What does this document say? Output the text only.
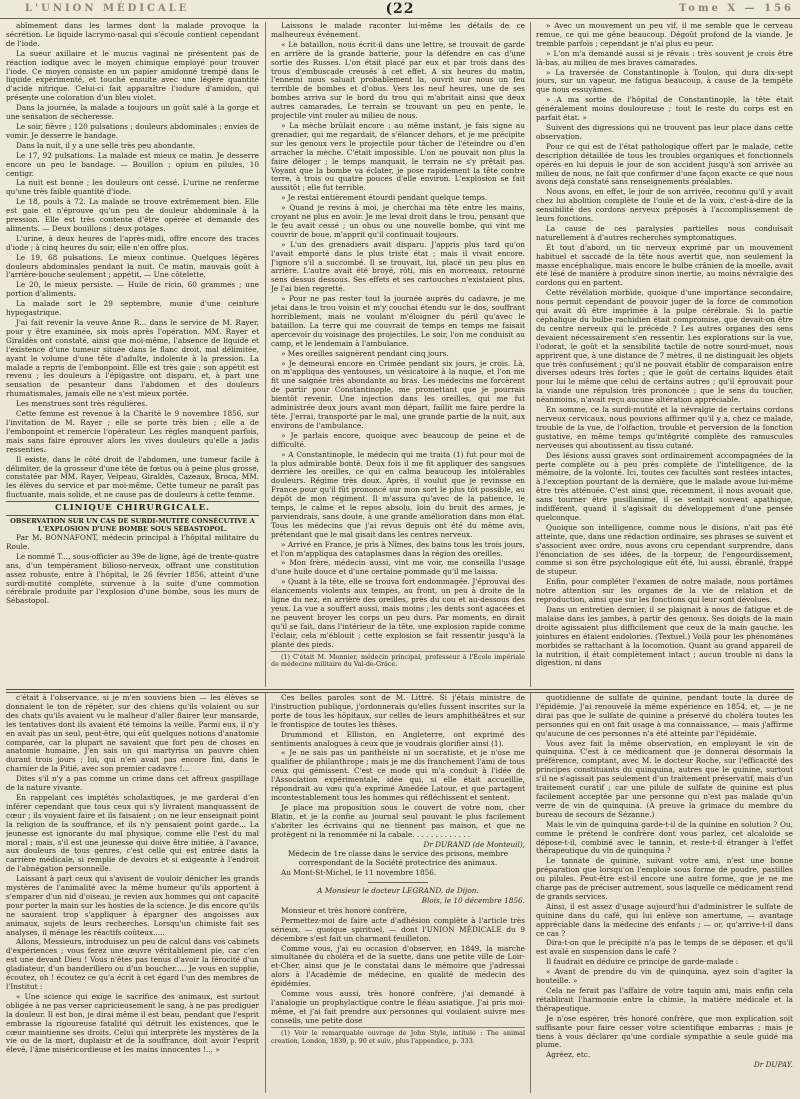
L'UNION MÉDICALE	(22	Tome X — 156

abîmement dans les larmes dont la malade provoque la sécrétion. Le liquide lacrymo-nasal qui s'écoule contient cependant de l'iode.

La sueur axillaire et le mucus vaginal ne présentent pas de réaction iodique avec le moyen chimique employé pour trouver l'iode. Ce moyen consiste en un papier amidonné trempé dans le liquide expérimenté, et touché ensuite avec une légère quantité d'acide nitrique. Celui-ci fait apparaître l'iodure d'amidon, qui présente une coloration d'un bleu violet.

Dans la journée, la malade a toujours un goût salé à la gorge et une sensation de sécheresse.

Le soir, fièvre ; 120 pulsations ; douleurs abdominales ; envies de vomir. Je desserre le bandage.

Dans la nuit, il y a une selle très peu abondante.

Le 17, 92 pulsations. La malade est mieux ce matin. Je desserre encore un peu le bandage. — Bouillon ; opium en pilules, 10 centigr.

La nuit est bonne ; les douleurs ont cessé. L'urine ne renferme qu'une très faible quantité d'iode.

Le 18, pouls à 72. La malade se trouve extrêmement bien. Elle est gaie et n'éprouve qu'un peu de douleur abdominale à la pression. Elle est très contente d'être opérée et demande des aliments. — Deux bouillons ; deux potages.

L'urine, à deux heures de l'après-midi, offre encore des traces d'iode ; à cinq heures du soir, elle n'en offre plus.

Le 19, 68 pulsations. Le mieux continue. Quelques légères douleurs abdominales pendant la nuit. Ce matin, mauvais goût à l'arrière-bouche seulement ; appétit. — Une côtelette.

Le 20, le mieux persiste. — Huile de ricin, 60 grammes ; une portion d'aliments.

La malade sort le 29 septembre, munie d'une ceinture hypogastrique.

J'ai fait revenir la veuve Anne R... dans le service de M. Rayer, pour y être examinée, six mois après l'opération. MM. Rayer et Giraldès ont constaté, ainsi que moi-même, l'absence de liquide et l'existence d'une tumeur située dans le flanc droit, mal délimitée, ayant le volume d'une tête d'adulte, indolente à la pression. La malade a repris de l'embonpoint. Elle est très gaie ; son appétit est revenu ; les douleurs à l'épigastre ont disparu, et, à part une sensation de pesanteur dans l'abdomen et des douleurs rhumatismales, jamais elle ne s'est mieux portée.

Les menstrues sont très régulières.

Cette femme est revenue à la Charité le 9 novembre 1856, sur l'invitation de M. Rayer ; elle se porte très bien ; elle a de l'embonpoint et remercie l'opérateur. Les règles manquent parfois, mais sans faire éprouver alors les vives douleurs qu'elle a jadis ressenties.

Il existe, dans le côté droit de l'abdomen, une tumeur facile à délimiter, de la grosseur d'une tête de fœtus ou à peine plus grosse, constatée par MM. Rayer, Velpeau, Giraldès, Cazeaux, Broca, MM. les élèves du service et par moi-même. Cette tumeur ne paraît pas fluctuante, mais solide, et ne cause pas de douleurs à cette femme.

CLINIQUE CHIRURGICALE.

OBSERVATION SUR UN CAS DE SURDI-MUTITÉ CONSÉCUTIVE A L'EXPLOSION D'UNE BOMBE SOUS SÉBASTOPOL.

Par M. BONNAFONT, médecin principal à l'hôpital militaire du Roule.

Le nommé T..., sous-officier au 39e de ligne, âgé de trente-quatre ans, d'un tempérament bilioso-nerveux, offrant une constitution assez robuste, entre à l'hôpital, le 26 février 1856, atteint d'une surdi-mutité complète, survenue à la suite d'une commotion cérébrale produite par l'explosion d'une bombe, sous les murs de Sébastopol.

Laissons le malade raconter lui-même les détails de ce malheureux événement.

« Le bataillon, nous écrit-il dans une lettre, se trouvait de garde en arrière de la grande batterie, pour la défendre en cas d'une sortie des Russes. L'on était placé par eux et par trois dans des trous d'embuscade creusés à cet effet. A six heures du matin, l'ennemi nous saluait probablement la, ouvrit sur nous un feu terrible de bombes et d'obus. Vers les neuf heures, une de ses bombes arriva sur le bord du trou qui m'abritait ainsi que deux autres camarades. Le terrain se trouvant un peu en pente, le projectile vint rouler au milieu de nous.

» La mèche brûlait encore : au même instant, je fais signe au grenadier, qui me regardait, de s'élancer dehors, et je me précipite sur les genoux vers le projectile pour tâcher de l'éteindre ou d'en arracher la mèche. C'était impossible. L'on ne pouvait non plus la faire déloger ; le temps manquait, le terrain ne s'y prêtait pas. Voyant que la bombe va éclater, je pose rapidement la tête contre terre, à trois ou quatre pouces d'elle environ. L'explosion se fait aussitôt ; elle fut terrible.

» Je restai entièrement étourdi pendant quelque temps.

» Quand je revins à moi, je cherchai ma tête entre les mains, croyant ne plus en avoir. Je me levai droit dans le trou, pensant que le feu avait cessé ; un obus ou une nouvelle bombe, qui vint me couvrir de boue, m'apprit qu'il continuait toujours.

» L'un des grenadiers avait disparu. J'appris plus tard qu'on l'avait emporté dans le plus triste état ; mais il vivait encore. J'ignore s'il a succombé. Il se trouvait, lui, placé un peu plus en arrière. L'autre avait été broyé, rôti, mis en morceaux, retourné sens dessus dessous. Ses effets et ses cartouches n'existaient plus. Je l'ai bien regretté.

» Pour ne pas rester tout la journée auprès du cadavre, je me jetai dans le trou voisin et m'y couchai étendu sur le dos, souffrant horriblement, mais ne voulant m'éloigner du péril qu'avec le bataillon. La terre qui me couvrait de temps en temps me faisait apercevoir du voisinage des projectiles. Le soir, l'on me conduisit au camp, et le lendemain à l'ambulance.

» Mes oreilles saignèrent pendant cinq jours.

» Je demeurai encore en Crimée pendant six jours, je crois. Là, on m'appliqua des ventouses, un vésicatoire à la nuque, et l'on me fit une saignée très abondante au bras. Les médecins me forcèrent de partir pour Constantinople, me promettant que je pourrais bientôt revenir. Une injection dans les oreilles, qui me fut administrée deux jours avant mon départ, faillit me faire perdre la tête. J'errai, transporté par le mal, une grande partie de la nuit, aux environs de l'ambulance.

» Je parlais encore, quoique avec beaucoup de peine et de difficulté.

» A Constantinople, le médecin qui me traita (1) fut pour moi de la plus admirable bonté. Deux fois il me fit appliquer des sangsues derrière les oreilles, ce qui en calma beaucoup les intolérables douleurs. Régime très doux. Après, il voulut que je revinsse en France pour qu'il fût prononcé sur mon sort le plus tôt possible, au dépôt de mon régiment. Il m'assura qu'avec de la patience, le temps, le calme et le repos absolu, loin du bruit des armes, je parviendrais, sans doute, à une grande amélioration dans mon état. Tous les médecins que j'ai revus depuis ont été du même avis, prétendant que le mal gisait dans les centres nerveux.

» Arrivé en France, je pris à Nîmes, des bains tous les trois jours, et l'on m'appliqua des cataplasmes dans la région des oreilles.

» Mon frère, médecin aussi, vint me voir, me conseilla l'usage d'une huile douce et d'une certaine pommade qu'il me laissa.

» Quant à la tête, elle se trouva fort endommagée. J'éprouvai des élancements violents aux tempes, au front, un peu à droite de la ligne du nez, en arrière des oreilles, près du cou et au-dessous des yeux. La vue a souffert aussi, mais moins ; les dents sont agacées et ne peuvent broyer les corps un peu durs. Par moments, en dirait qu'il se fait, dans l'intérieur de la tête, une explosion rapide comme l'éclair, cela m'éblouit ; cette explosion se fait ressentir jusqu'à la plante des pieds.

(1) C'était M. Monnier, médecin principal, professeur à l'École impériale de médecine militaire du Val-de-Grâce.

» Avec un mouvement un peu vif, il me semble que le cerveau remue, ce qui me gêne beaucoup. Dégoût profond de la viande. Je tremble parfois ; cependant je n'ai plus eu peur.

» L'on m'a demandé aussi si je rêvais : très souvent je crois être là-bas, au milieu de mes braves camarades.

» La traversée de Constantinople à Toulon, qui dura dix-sept jours, sur un vapeur, me fatigua beaucoup, à cause de la tempête que nous essuyâmes.

» A ma sortie de l'hôpital de Constantinople, la tête était généralement moins douloureuse ; tout le reste du corps est en parfait état. »

Suivent des digressions qui ne trouvent pas leur place dans cette observation.

Pour ce qui est de l'état pathologique offert par le malade, cette description détaillée de tous les troubles organiques et fonctionnels opérés en lui depuis le jour de son accident jusqu'à son arrivée au milieu de nous, ne fait que confirmer d'une façon exacte ce que nous avons déjà constaté sans renseignements préalables.

Nous avons, en effet, le jour de son arrivée, reconnu qu'il y avait chez lui abolition complète de l'ouïe et de la voix, c'est-à-dire de la sensibilité des cordons nerveux préposés à l'accomplissement de leurs fonctions.

La cause de ces paralysies partielles nous conduisait naturellement à d'autres recherches symptomatiques.

Et tout d'abord, un tic nerveux exprimé par un mouvement habituel et saccadé de la tête nous avertit que, non seulement la masse encéphalique, mais encore le bulbe crânien de la moelle, avait été lésé de manière à produire sinon inertie, au moins névralgie des cordons qui en partent.

Cette révélation morbide, quoique d'une importance secondaire, nous permit cependant de pouvoir juger de la force de commotion qui avait dû être imprimée à la pulpe cérébrale. Si la partie céphalique du bulbe rachidien était compromise, que devait-on être du centre nerveux qui le précède ? Les autres organes des sens devaient nécessairement s'en ressentir. Les explorations sur la vue, l'odorat, le goût et la sensibilité tactile de notre sourd-muet, nous apprirent que, à une distance de 7 mètres, il ne distinguait les objets que très confusément ; qu'il ne pouvait établir de comparaison entre diverses odeurs très fortes ; que le goût de certains liquides était pour lui le même que celui de certains autres ; qu'il éprouvait pour la viande une répulsion très prononcée ; que le sens du toucher, néanmoins, n'avait reçu aucune altération appréciable.

En somme, ce la surdi-mutité et la névralgie de certains cordons nerveux cervicaux, nous pouvions affirmer qu'il y a, chez ce malade, trouble de la vue, de l'olfaction, trouble et perversion de la fonction gustative, en même temps qu'intégrité complète des ramuscules nerveuses qui aboutissent au tissu cutané.

Des lésions aussi graves sont ordinairement accompagnées de la perte complète ou à peu près complète de l'intelligence, de la mémoire, de la volonté. Ici, toutes ces facultés sont restées intactes, à l'exception pourtant de la dernière, que le malade avoue lui-même être très atténuée. C'est ainsi que, récemment, il nous avouait que, sans tourner être pusillanime, il se sentait souvent apathique, indifférent, quand il s'agissait du développement d'une pensée quelconque.

Quoique son intelligence, comme nous le disions, n'ait pas été atteinte, que, dans une rédaction ordinaire, ses phrases se suivent et s'associent avec ordre, nous avons cru cependant surprendre, dans l'énonciation de ses idées, de la torpeur, de l'engourdissement, comme si son être psychologique eût été, lui aussi, ébranlé, frappé de stupeur.

Enfin, pour compléter l'examen de notre malade, nous portâmes notre attention sur les organes de la vie de relation et de reproduction, ainsi que sur les fonctions qui leur sont dévolues.

Dans un entretien dernier, il se plaignait à nous de fatigue et de malaise dans les jambes, à partir des genoux. Ses doigts de la main droite agissaient plus difficilement que ceux de la main gauche, les jointures en étaient endolories. (Textuel.) Voilà pour les phénomènes morbides se rattachant à la locomotion. Quant au grand appareil de la nutrition, il était complètement intact ; aucun trouble ni dans la digestion, ni dans

c'était à l'observance, si je m'en souviens bien — les élèves se donnaient le ton de répéter, sur des chiens qu'ils volaient ou sur des chats qu'ils avaient vu le malheur d'aller flairer leur mansarde, les tentatives dont ils avaient été témoins la veille. Parmi eux, il n'y en avait pas un seul, peut-être, qui eût quelques notions d'anatomie comparée, car la plupart ne savaient que fort peu de choses en anatomie humaine. J'en sais un qui martyrisa un pauvre chien durant trois jours ; lui, qui n'en avait pas encore fini, dans le charnier de la Pitié, avec son premier cadavre !...

Dites s'il n'y a pas comme un crime dans cet affreux gaspillage de la nature vivante.

En rappelant ces impiétés scholastiques, je me garderai d'en inférer cependant que tous ceux qui s'y livraient manquassent de cœur ; ils voyaient faire et ils faisaient ; on ne leur enseignait point la religion de la souffrance, et ils n'y pensaient point garde... La jeunesse est ignorante du mal physique, comme elle l'est du mal moral ; mais, s'il est une jeunesse qui doive être initiée, à l'avance, aux douleurs de tous genres, c'est celle qui est entrée dans la carrière médicale, si remplie de devoirs et si exigeante à l'endroit de l'abnégation personnelle.

Laissant à part ceux qui s'avisent de vouloir dénicher les grands mystères de l'animalité avec la même humeur qu'ils apportent à s'emparer d'un nid d'oiseau, je revien aux hommes qui ont capacité pour porter la main sur les hosties de la science. Je dis encore qu'ils ne sauraient trop s'appliquer à épargner des angoisses aux animaux, sujets de leurs recherches. Lorsqu'un chimiste fait ses analyses, il ménage les réactifs coûteux.....

Allons, Messieurs, introduisez un peu de calcul dans vos cabinets d'expériences ; vous ferez une œuvre véritablement pie, car c'en est une devant Dieu ! Vous n'êtes pas tenus d'avoir la férocité d'un gladiateur, d'un banderillero ou d'un boucher..... Je vous en supplie, écoutez, oh ! écoutez ce qu'a écrit à cet égard l'un des membres de l'Institut :

« Une science qui exige le sacrifice des animaux, est surtout obligée à ne pas verser capricieusement le sang, à ne pas prodiguer la douleur. Il est bon, je dirai même il est beau, pendant que l'esprit embrasse la rigoureuse fatalité qui détruit les existences, que le cœur maintienne ses droits. Celui qui interprète les mystères de la vie ou de la mort, duplaisir et de la souffrance, doit avoir l'esprit élevé, l'âme miséricordieuse et les mains innocentes !... »

Ces belles paroles sont de M. Littré. Si j'étais ministre de l'instruction publique, j'ordonnerais qu'elles fussent inscrites sur la porte de tous les hôpitaux, sur celles de leurs amphithéâtres et sur le frontispice de toutes les thèses.

Drummond et Elliston, en Angleterre, ont exprimé des sentiments analogues à ceux que je voudrais glorifier ainsi (1).

« Je ne sais pas un panthéiste ni un socratiste, et je n'ose me qualifier de philanthrope ; mais je me dis franchement l'ami de tous ceux qui gémissent. C'est ce mode qui m'a conduit à l'idée de l'Association expérimentale, idée qui, si elle était accueillie, répondrait au vœu qu'a exprimé Amédée Latour, et que partagent incontestablement tous les hommes qui réfléchissent et sentent.

Je place ma proposition sous le couvert de votre nom, cher Blatin, et je la confie au journal seul pouvant le plus facilement s'abriter les écrivains qui ne tiennent pas maison, et que ne protègent ni la renommée ni la cabale. . . . . . . . . . . . .

Dr DURAND (de Monteuil),

Médecin de 1re classe dans le service des prisons, membre correspondant de la Société protectrice des animaux.

Au Mont-St-Michel, le 11 novembre 1856.

A Monsieur le docteur LEGRAND, de Dijon.

Blois, le 10 décembre 1856.

Monsieur et très honoré confrère,

Permettez-moi de faire acte d'adhésion complète à l'article très sérieux, — quoique spirituel, — dont l'UNION MÉDICALE du 9 décembre s'est fait un charmant feuilleton.

Comme vous, j'ai eu occasion d'observer, en 1849, la marche simultanée du choléra et de la suette, dans une petite ville de Loir-et-Cher, ainsi que je le constatai dans le mémoire que j'adressai alors à l'Académie de médecine, en qualité de médecin des épidémies.

Comme vous aussi, très honoré confrère, j'ai demandé à l'analogie un prophylactique contre le fléau asiatique. J'ai pris moi-même, et j'ai fait prendre aux personnes qui voulaient suivre mes conseils, une petite dose

(1) Voir le remarquable ouvrage de John Style, intitulé : The animal creation, London, 1839, p. 90 et suiv., plus l'appendice, p. 333.

quotidienne de sulfate de quinine, pendant toute la durée de l'épidémie. J'ai renouvelé la même expérience en 1854, et, — je ne dirai pas que le sulfate de quinine a préservé du choléra toutes les personnes qui en ont fait usage à ma connaissance, — mais j'affirme qu'aucune de ces personnes n'a été atteinte par l'épidémie.

Vous avez fait la même observation, en employant le vin de quinquina. C'est à ce médicament que je donnerai désormais la préférence, comptant, avec M. le docteur Roche, sur l'efficacité des principes constituants du quinquina, autres que le quinine, surtout s'il ne s'agissait pas seulement d'un traitement préservatif, mais d'un traitement curatif ; car une pilule de sulfate de quinine est plus facilement acceptée par une personne qui n'est pas malade qu'un verre de vin de quinquina. (A preuve la grimace du membre du bureau de secours de Sézanne.)

Mais le vin de quinquina garde-t-il de la quinine en solution ? Ou, comme le prétend le confrère dont vous parlez, cet alcaloïde se dépose-t-il, combiné avec le tannin, et reste-t-il étranger à l'effet thérapeutique du vin de quinquina ?

Le tannate de quinine, suivant votre ami, n'est une bonne préparation que lorsqu'on l'emploie sous forme de poudre, pastilles ou pilules. Peut-être est-il encore une autre forme, que je ne me charge pas de préciser autrement, sous laquelle ce médicament rend de grands services.

Ainsi, il est assez d'usage aujourd'hui d'administrer le sulfate de quinine dans du café, qui lui enlève son amertume, — avantage appréciable dans la médecine des enfants ; — or, qu'arrive-t-il dans ce cas ?

Dira-t-on que le précipité n'a pas le temps de se déposer, et qu'il est avalé en suspension dans le café ?

Il faudrait en déduire ce principe de garde-malade :

« Avant de prendre du vin de quinquina, ayez soin d'agiter la bouteille. »

Cela ne ferait pas l'affaire de votre taquin ami, mais enfin cela rétablirait l'harmonie entre la chimie, la matière médicale et la thérapeutique.

Je n'ose espérer, très honoré confrère, que mon explication soit suffisante pour faire cesser votre scientifique embarras ; mais je tiens à vous déclarer qu'une cordiale sympathie a seule guidé ma plume.

Agréez, etc.

Dr DUPAY.
